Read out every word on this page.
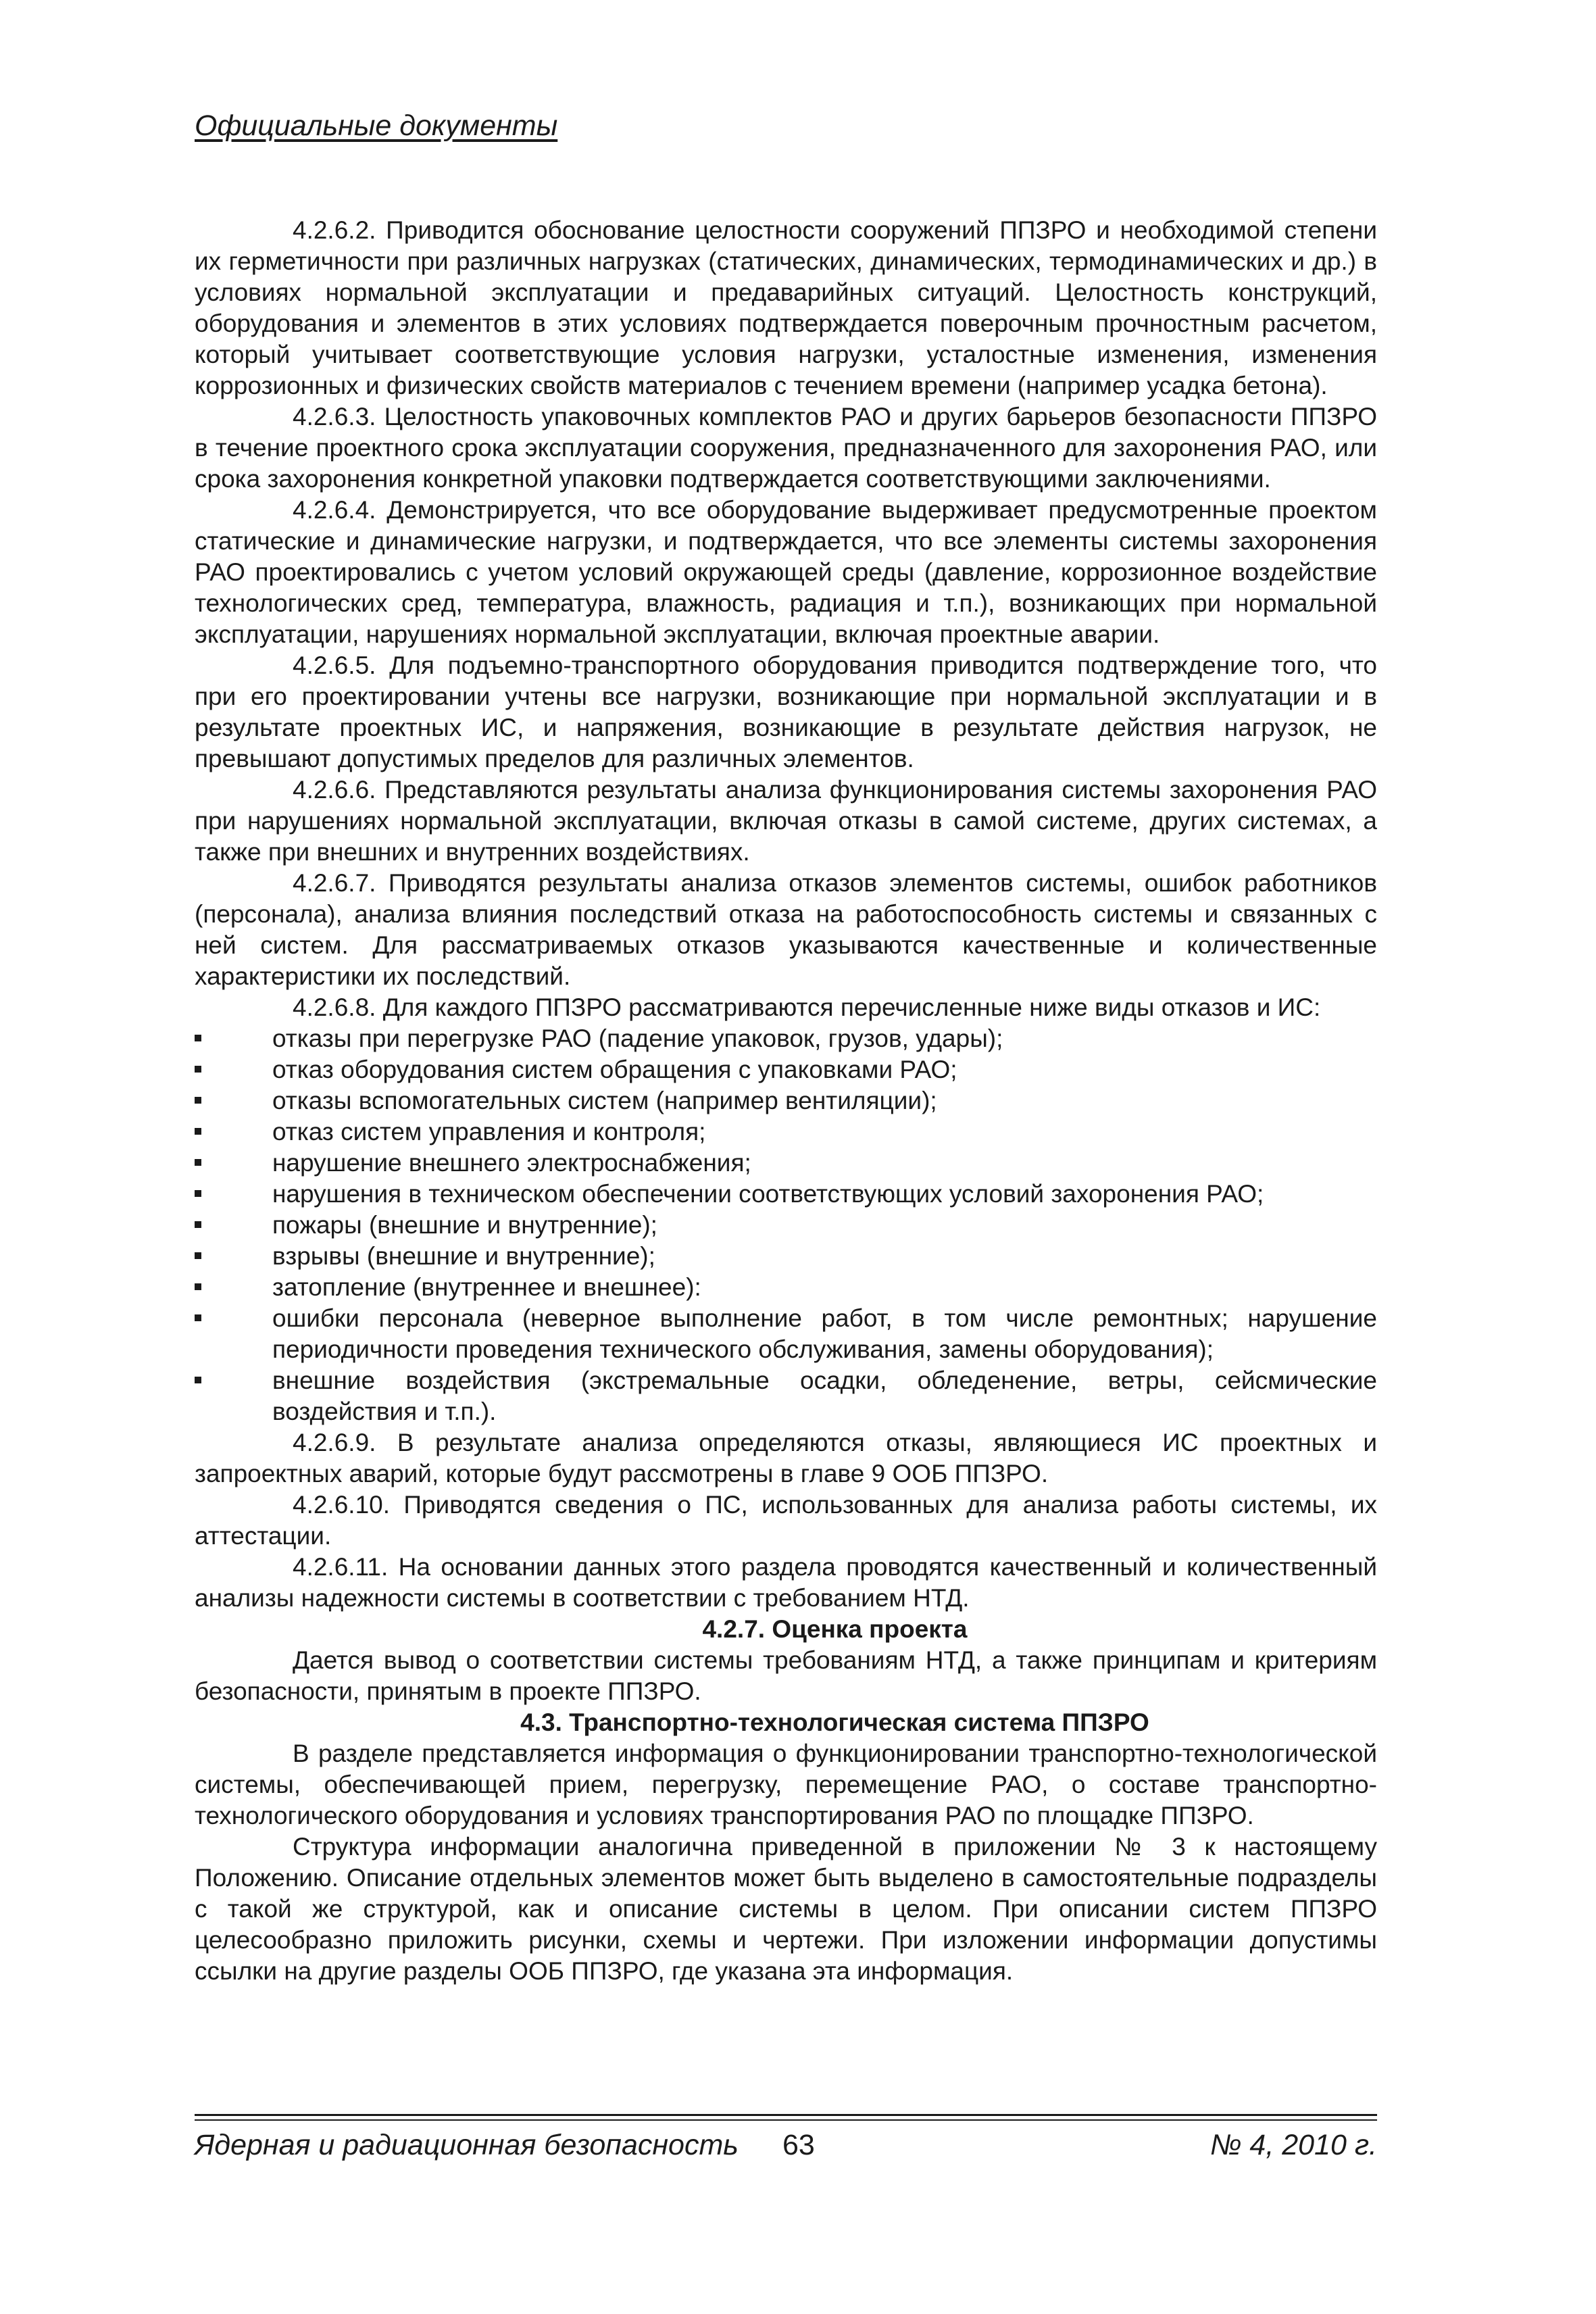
Официальные документы

4.2.6.2. Приводится обоснование целостности сооружений ППЗРО и необходимой степени их герметичности при различных нагрузках (статических, динамических, термодинамических и др.) в условиях нормальной эксплуатации и предаварийных ситуаций. Целостность конструкций, оборудования и элементов в этих условиях подтверждается поверочным прочностным расчетом, который учитывает соответствующие условия нагрузки, усталостные изменения, изменения коррозионных и физических свойств материалов с течением времени (например усадка бетона).

4.2.6.3. Целостность упаковочных комплектов РАО и других барьеров безопасности ППЗРО в течение проектного срока эксплуатации сооружения, предназначенного для захоронения РАО, или срока захоронения конкретной упаковки подтверждается соответствующими заключениями.

4.2.6.4. Демонстрируется, что все оборудование выдерживает предусмотренные проектом статические и динамические нагрузки, и подтверждается, что все элементы системы захоронения РАО проектировались с учетом условий окружающей среды (давление, коррозионное воздействие технологических сред, температура, влажность, радиация и т.п.), возникающих при нормальной эксплуатации, нарушениях нормальной эксплуатации, включая проектные аварии.

4.2.6.5. Для подъемно-транспортного оборудования приводится подтверждение того, что при его проектировании учтены все нагрузки, возникающие при нормальной эксплуатации и в результате проектных ИС, и напряжения, возникающие в результате действия нагрузок, не превышают допустимых пределов для различных элементов.

4.2.6.6. Представляются результаты анализа функционирования системы захоронения РАО при нарушениях нормальной эксплуатации, включая отказы в самой системе, других системах, а также при внешних и внутренних воздействиях.

4.2.6.7. Приводятся результаты анализа отказов элементов системы, ошибок работников (персонала), анализа влияния последствий отказа на работоспособность системы и связанных с ней систем. Для рассматриваемых отказов указываются качественные и количественные характеристики их последствий.

4.2.6.8. Для каждого ППЗРО рассматриваются перечисленные ниже виды отказов и ИС:

отказы при перегрузке РАО (падение упаковок, грузов, удары);
отказ оборудования систем обращения с упаковками РАО;
отказы вспомогательных систем (например вентиляции);
отказ систем управления и контроля;
нарушение внешнего электроснабжения;
нарушения в техническом обеспечении соответствующих условий захоронения РАО;
пожары (внешние и внутренние);
взрывы (внешние и внутренние);
затопление (внутреннее и внешнее):
ошибки персонала (неверное выполнение работ, в том числе ремонтных; нарушение периодичности проведения технического обслуживания, замены оборудования);
внешние воздействия (экстремальные осадки, обледенение, ветры, сейсмические воздействия и т.п.).

4.2.6.9. В результате анализа определяются отказы, являющиеся ИС проектных и запроектных аварий, которые будут рассмотрены в главе 9 ООБ ППЗРО.

4.2.6.10. Приводятся сведения о ПС, использованных для анализа работы системы, их аттестации.

4.2.6.11. На основании данных этого раздела проводятся качественный и количественный анализы надежности системы в соответствии с требованием НТД.

4.2.7. Оценка проекта

Дается вывод о соответствии системы требованиям НТД, а также принципам и критериям безопасности, принятым в проекте ППЗРО.

4.3. Транспортно-технологическая система ППЗРО

В разделе представляется информация о функционировании транспортно-технологической системы, обеспечивающей прием, перегрузку, перемещение РАО, о составе транспортно-технологического оборудования и условиях транспортирования РАО по площадке ППЗРО.

Структура информации аналогична приведенной в приложении № 3 к настоящему Положению. Описание отдельных элементов может быть выделено в самостоятельные подразделы с такой же структурой, как и описание системы в целом. При описании систем ППЗРО целесообразно приложить рисунки, схемы и чертежи. При изложении информации допустимы ссылки на другие разделы ООБ ППЗРО, где указана эта информация.

Ядерная и радиационная безопасность 63	№ 4, 2010 г.
